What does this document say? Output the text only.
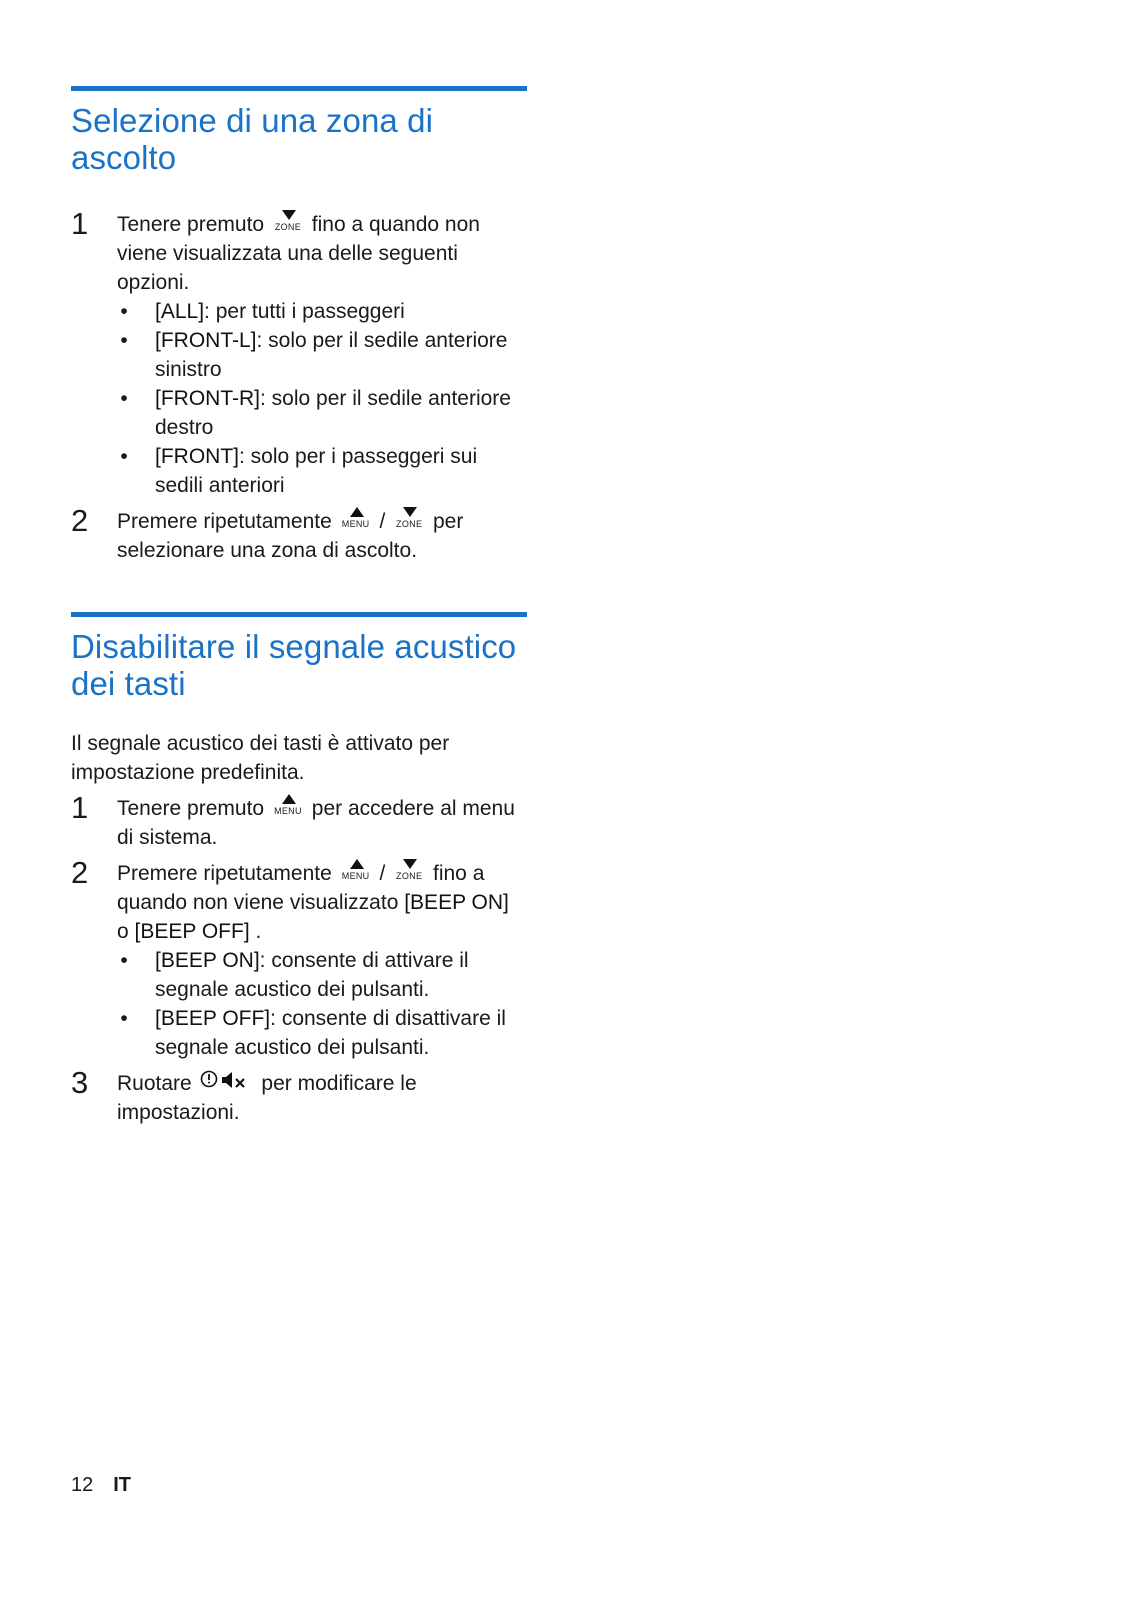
Selezione di una zona di
ascolto
1 Tenere premuto	ZONE fino a quando non
viene visualizzata una delle seguenti
opzioni.
• [ALL]: per tutti i passeggeri
• [FRONT-L]: solo per il sedile anteriore
sinistro
• [FRONT-R]: solo per il sedile anteriore
destro
• [FRONT]: solo per i passeggeri sui
sedili anteriori
2 Premere ripetutamente MENU /	ZONE per
selezionare una zona di ascolto.
Disabilitare il segnale acustico
dei tasti

Il segnale acustico dei tasti è attivato per
impostazione predefinita.

1 Tenere premuto MENU per accedere al menu
di sistema.
2 Premere ripetutamente MENU /	ZONE fino a
quando non viene visualizzato [BEEP ON]
o [BEEP OFF] .
• [BEEP ON]: consente di attivare il
segnale acustico dei pulsanti.
• [BEEP OFF]: consente di disattivare il
segnale acustico dei pulsanti.
3 Ruotare	per modificare le
impostazioni.
12 IT
